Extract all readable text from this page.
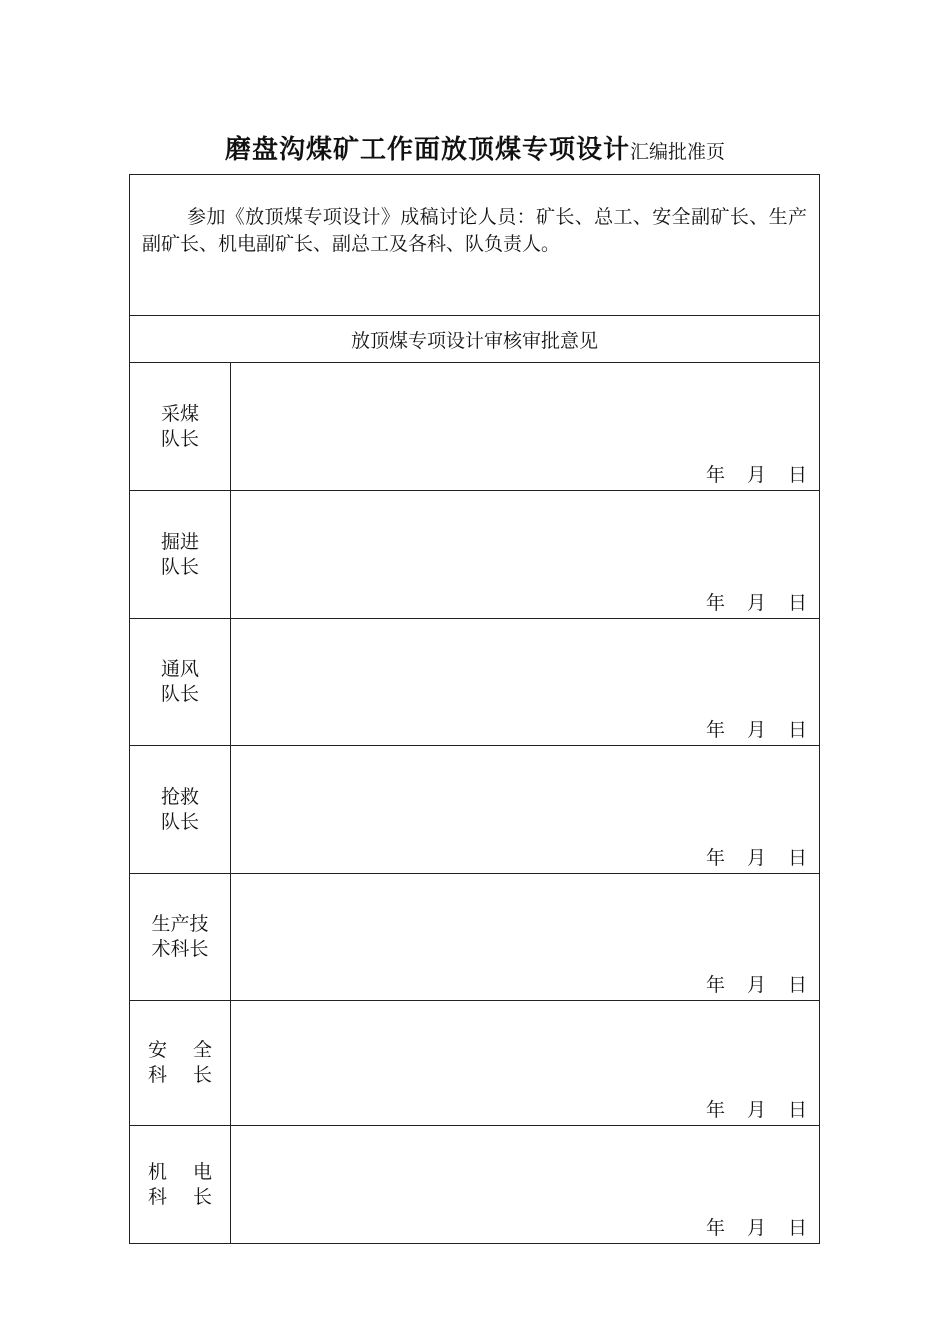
磨盘沟煤矿工作面放顶煤专项设计汇编批准页
参加《放顶煤专项设计》成稿讨论人员：矿长、总工、安全副矿长、生产副矿长、机电副矿长、副总工及各科、队负责人。	
放顶煤专项设计审核审批意见	

采煤
队长	年 月 日

掘进
队长	年 月 日

通风
队长	年 月 日

抢救
队长	年 月 日

生产技
术科长	年 月 日

安 全
科 长	年 月 日

机 电
科 长	年 月 日
